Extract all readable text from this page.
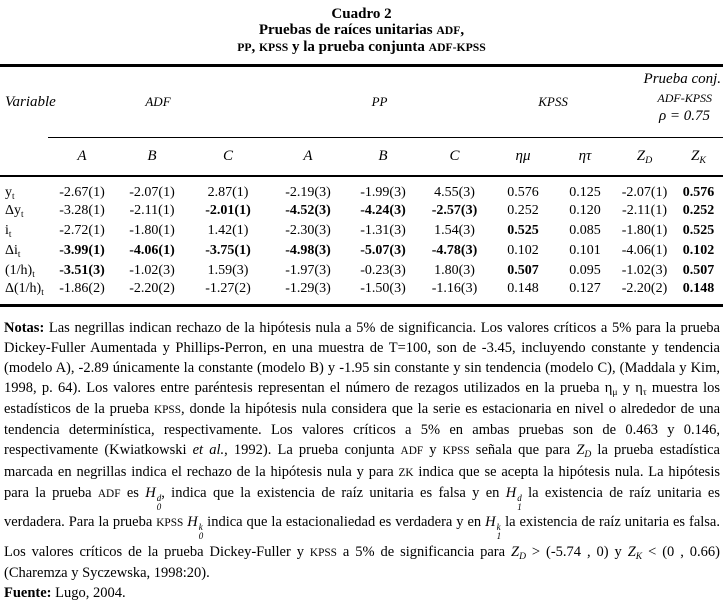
Cuadro 2
Pruebas de raíces unitarias ADF,
PP, KPSS y la prueba conjunta ADF-KPSS
Variable	ADF			PP			KPSS		Prueba conj.
ADF-KPSS
ρ = 0.75	

	A	B	C	A	B	C	ημ	ητ	$Z_D$	$Z_K$
$y_t$	-2.67(1)	-2.07(1)	2.87(1)	-2.19(3)	-1.99(3)	4.55(3)	0.576	0.125	-2.07(1)	0.576
$\Delta y_t$	-3.28(1)	-2.11(1)	-2.01(1)	-4.52(3)	-4.24(3)	-2.57(3)	0.252	0.120	-2.11(1)	0.252
$i_t$	-2.72(1)	-1.80(1)	1.42(1)	-2.30(3)	-1.31(3)	1.54(3)	0.525	0.085	-1.80(1)	0.525
$\Delta i_t$	-3.99(1)	-4.06(1)	-3.75(1)	-4.98(3)	-5.07(3)	-4.78(3)	0.102	0.101	-4.06(1)	0.102
$(1/h)_t$	-3.51(3)	-1.02(3)	1.59(3)	-1.97(3)	-0.23(3)	1.80(3)	0.507	0.095	-1.02(3)	0.507
$\Delta(1/h)_t$	-1.86(2)	-2.20(2)	-1.27(2)	-1.29(3)	-1.50(3)	-1.16(3)	0.148	0.127	-2.20(2)	0.148
Notas: Las negrillas indican rechazo de la hipótesis nula a 5% de significancia. Los valores críticos a 5% para la prueba Dickey-Fuller Aumentada y Phillips-Perron, en una muestra de T=100, son de -3.45, incluyendo constante y tendencia (modelo A), -2.89 únicamente la constante (modelo B) y -1.95 sin constante y sin tendencia (modelo C), (Maddala y Kim, 1998, p. 64). Los valores entre paréntesis representan el número de rezagos utilizados en la prueba $\eta_\mu$ y $\eta_\tau$ muestra los estadísticos de la prueba KPSS, donde la hipótesis nula considera que la serie es estacionaria en nivel o alrededor de una tendencia determinística, respectivamente. Los valores críticos a 5% en ambas pruebas son de 0.463 y 0.146, respectivamente (Kwiatkowski et al., 1992). La prueba conjunta ADF y KPSS señala que para $Z_D$ la prueba estadística marcada en negrillas indica el rechazo de la hipótesis nula y para ZK indica que se acepta la hipótesis nula. La hipótesis para la prueba ADF es H d
0
, indica que la existencia de raíz unitaria es falsa y en H d
1
la existencia de raíz unitaria es verdadera. Para la prueba KPSS H k
0
indica que la estacionaliedad es verdadera y en H k
1
la existencia de raíz unitaria es falsa. Los valores críticos de la prueba Dickey-Fuller y KPSS a 5% de significancia para $Z_D > (-5.74$ , 0) y $Z_K < (0$ , 0.66) (Charemza y Syczewska, 1998:20).
Fuente: Lugo, 2004.
